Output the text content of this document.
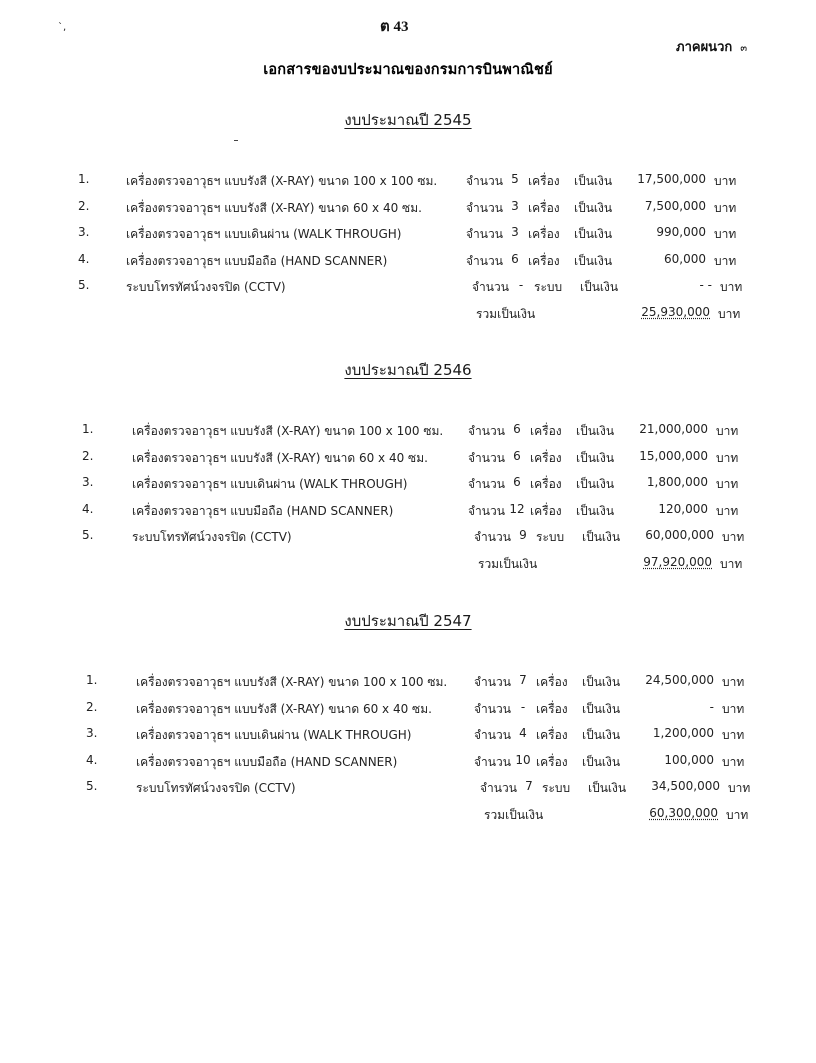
`,	ต 43
ภาคผนวก ๓
เอกสารของบประมาณของกรมการบินพาณิชย์
งบประมาณปี 2545
1.	เครื่องตรวจอาวุธฯ แบบรังสี (X-RAY) ขนาด 100 x 100 ซม. จำนวน 5 เครื่อง เป็นเงิน	17,500,000 บาท
2.	เครื่องตรวจอาวุธฯ แบบรังสี (X-RAY) ขนาด 60 x 40 ซม.	จำนวน 3 เครื่อง เป็นเงิน	7,500,000 บาท
3.	เครื่องตรวจอาวุธฯ แบบเดินผ่าน (WALK THROUGH)	จำนวน 3 เครื่อง เป็นเงิน	990,000 บาท
4.	เครื่องตรวจอาวุธฯ แบบมือถือ (HAND SCANNER)	จำนวน 6 เครื่อง เป็นเงิน	60,000 บาท
5.	ระบบโทรทัศน์วงจรปิด (CCTV)	จำนวน - ระบบ เป็นเงิน	- - บาท
รวมเป็นเงิน	25,930,000 บาท
งบประมาณปี 2546
1.	เครื่องตรวจอาวุธฯ แบบรังสี (X-RAY) ขนาด 100 x 100 ซม. จำนวน 6 เครื่อง เป็นเงิน	21,000,000 บาท
2.	เครื่องตรวจอาวุธฯ แบบรังสี (X-RAY) ขนาด 60 x 40 ซม.	จำนวน 6 เครื่อง เป็นเงิน	15,000,000 บาท
3.	เครื่องตรวจอาวุธฯ แบบเดินผ่าน (WALK THROUGH)	จำนวน 6 เครื่อง เป็นเงิน	1,800,000 บาท
4.	เครื่องตรวจอาวุธฯ แบบมือถือ (HAND SCANNER)	จำนวน 12 เครื่อง เป็นเงิน	120,000 บาท
5.	ระบบโทรทัศน์วงจรปิด (CCTV)	จำนวน 9 ระบบ เป็นเงิน	60,000,000 บาท
รวมเป็นเงิน	97,920,000 บาท
งบประมาณปี 2547
1.	เครื่องตรวจอาวุธฯ แบบรังสี (X-RAY) ขนาด 100 x 100 ซม. จำนวน 7 เครื่อง เป็นเงิน	24,500,000 บาท
2.	เครื่องตรวจอาวุธฯ แบบรังสี (X-RAY) ขนาด 60 x 40 ซม.	จำนวน - เครื่อง เป็นเงิน	- บาท
3.	เครื่องตรวจอาวุธฯ แบบเดินผ่าน (WALK THROUGH)	จำนวน 4 เครื่อง เป็นเงิน	1,200,000 บาท
4.	เครื่องตรวจอาวุธฯ แบบมือถือ (HAND SCANNER)	จำนวน 10 เครื่อง เป็นเงิน	100,000 บาท
5.	ระบบโทรทัศน์วงจรปิด (CCTV)	จำนวน 7 ระบบ เป็นเงิน	34,500,000 บาท
รวมเป็นเงิน	60,300,000 บาท
